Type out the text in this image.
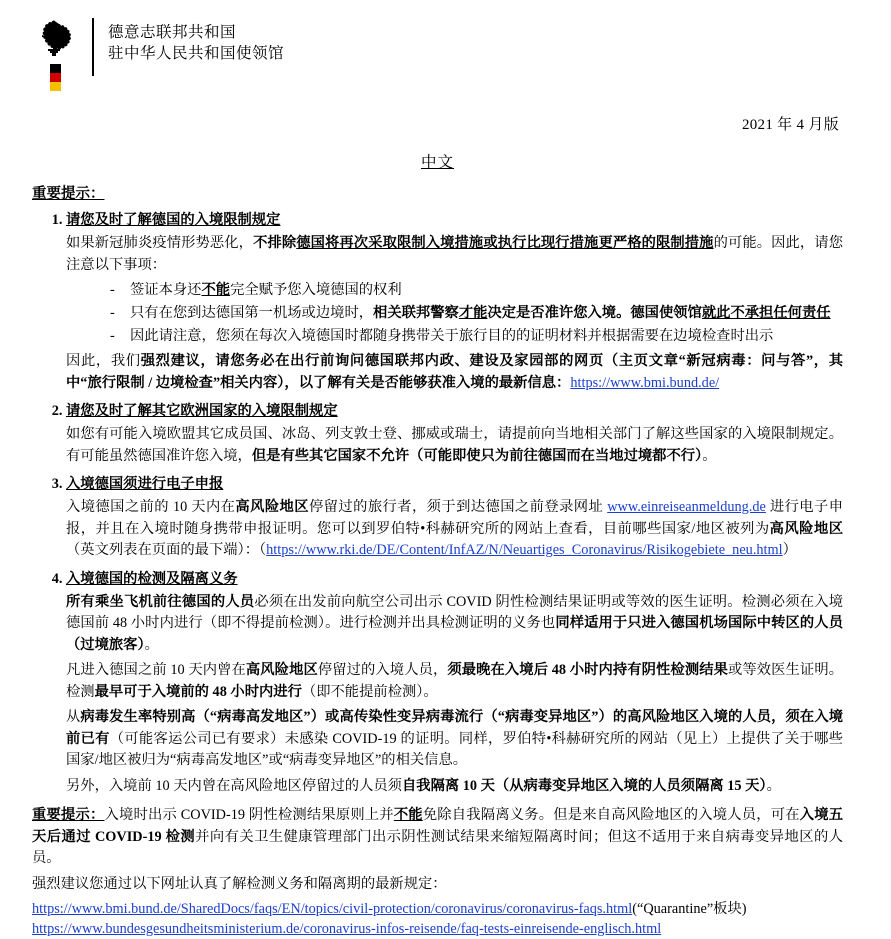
德意志联邦共和国
驻中华人民共和国使领馆
2021 年 4 月版
中文
重要提示：
1. 请您及时了解德国的入境限制规定

如果新冠肺炎疫情形势恶化，不排除德国将再次采取限制入境措施或执行比现行措施更严格的限制措施的可能。因此，请您注意以下事项：

- 签证本身还不能完全赋予您入境德国的权利
- 只有在您到达德国第一机场或边境时，相关联邦警察才能决定是否准许您入境。德国使领馆就此不承担任何责任
- 因此请注意，您须在每次入境德国时都随身携带关于旅行目的的证明材料并根据需要在边境检查时出示

因此，我们强烈建议，请您务必在出行前询问德国联邦内政、建设及家园部的网页（主页文章“新冠病毒：问与答”，其中“旅行限制 / 边境检查”相关内容），以了解有关是否能够获准入境的最新信息：https://www.bmi.bund.de/

2. 请您及时了解其它欧洲国家的入境限制规定

如您有可能入境欧盟其它成员国、冰岛、列支敦士登、挪威或瑞士，请提前向当地相关部门了解这些国家的入境限制规定。有可能虽然德国准许您入境，但是有些其它国家不允许（可能即使只为前往德国而在当地过境都不行）。

3. 入境德国须进行电子申报

入境德国之前的 10 天内在高风险地区停留过的旅行者，须于到达德国之前登录网址 www.einreiseanmeldung.de 进行电子申报，并且在入境时随身携带申报证明。您可以到罗伯特•科赫研究所的网站上查看，目前哪些国家/地区被列为高风险地区（英文列表在页面的最下端）：（https://www.rki.de/DE/Content/InfAZ/N/Neuartiges_Coronavirus/Risikogebiete_neu.html）

4. 入境德国的检测及隔离义务

所有乘坐飞机前往德国的人员必须在出发前向航空公司出示 COVID 阴性检测结果证明或等效的医生证明。检测必须在入境德国前 48 小时内进行（即不得提前检测）。进行检测并出具检测证明的义务也同样适用于只进入德国机场国际中转区的人员（过境旅客）。

凡进入德国之前 10 天内曾在高风险地区停留过的入境人员，须最晚在入境后 48 小时内持有阴性检测结果或等效医生证明。检测最早可于入境前的 48 小时内进行（即不能提前检测）。

从病毒发生率特别高（“病毒高发地区”）或高传染性变异病毒流行（“病毒变异地区”）的高风险地区入境的人员，须在入境前已有（可能客运公司已有要求）未感染 COVID-19 的证明。同样，罗伯特•科赫研究所的网站（见上）上提供了关于哪些国家/地区被归为“病毒高发地区”或“病毒变异地区”的相关信息。

另外，入境前 10 天内曾在高风险地区停留过的人员须自我隔离 10 天（从病毒变异地区入境的人员须隔离 15 天）。

重要提示：入境时出示 COVID-19 阴性检测结果原则上并不能免除自我隔离义务。但是来自高风险地区的入境人员，可在入境五天后通过 COVID-19 检测并向有关卫生健康管理部门出示阴性测试结果来缩短隔离时间；但这不适用于来自病毒变异地区的人员。

强烈建议您通过以下网址认真了解检测义务和隔离期的最新规定：

https://www.bmi.bund.de/SharedDocs/faqs/EN/topics/civil-protection/coronavirus/coronavirus-faqs.html(“Quarantine”板块)
https://www.bundesgesundheitsministerium.de/coronavirus-infos-reisende/faq-tests-einreisende-englisch.html
